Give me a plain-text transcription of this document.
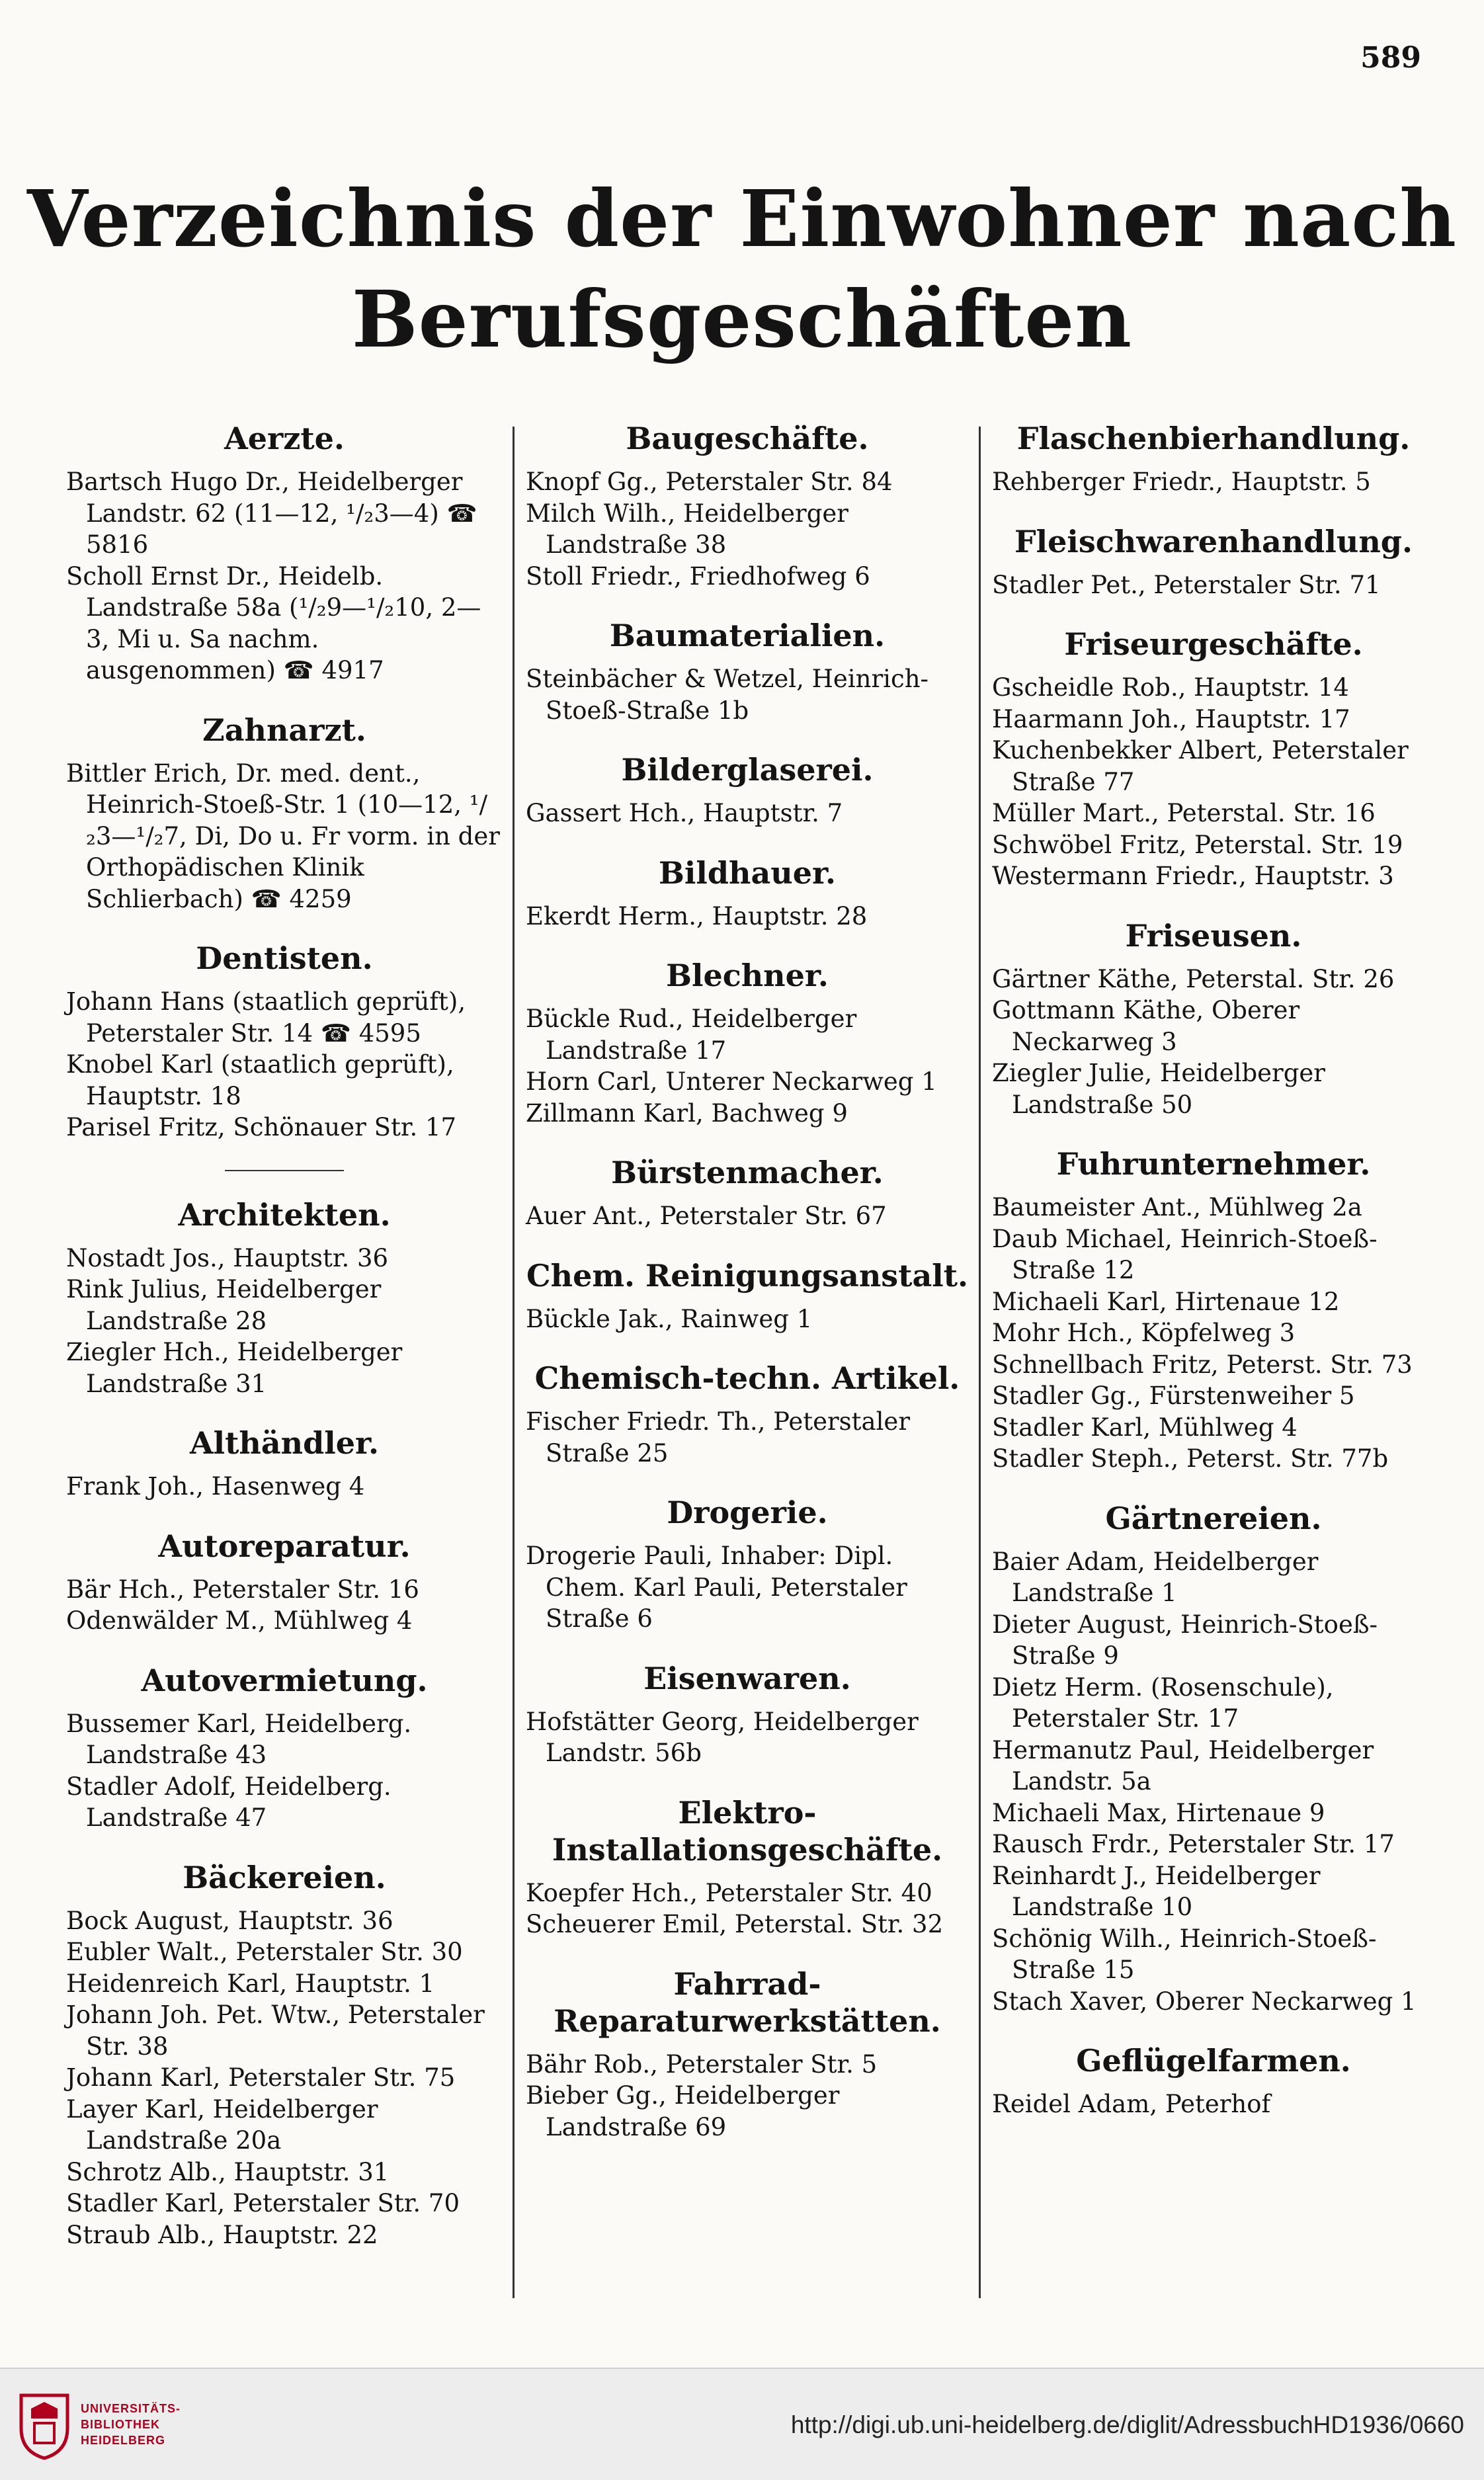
589
Verzeichnis der Einwohner nach
Berufsgeschäften
Aerzte.
Bartsch Hugo Dr., Heidelberger Landstr. 62 (11—12, ¹/₂3—4) ☎ 5816
Scholl Ernst Dr., Heidelb. Landstraße 58a (¹/₂9—¹/₂10, 2—3, Mi u. Sa nachm. ausgenommen) ☎ 4917
Zahnarzt.
Bittler Erich, Dr. med. dent., Heinrich-Stoeß-Str. 1 (10—12, ¹/₂3—¹/₂7, Di, Do u. Fr vorm. in der Orthopädischen Klinik Schlierbach) ☎ 4259
Dentisten.
Johann Hans (staatlich geprüft), Peterstaler Str. 14 ☎ 4595
Knobel Karl (staatlich geprüft), Hauptstr. 18
Parisel Fritz, Schönauer Str. 17
Architekten.
Nostadt Jos., Hauptstr. 36
Rink Julius, Heidelberger Landstraße 28
Ziegler Hch., Heidelberger Landstraße 31
Althändler.
Frank Joh., Hasenweg 4
Autoreparatur.
Bär Hch., Peterstaler Str. 16
Odenwälder M., Mühlweg 4
Autovermietung.
Bussemer Karl, Heidelberg. Landstraße 43
Stadler Adolf, Heidelberg. Landstraße 47
Bäckereien.
Bock August, Hauptstr. 36
Eubler Walt., Peterstaler Str. 30
Heidenreich Karl, Hauptstr. 1
Johann Joh. Pet. Wtw., Peterstaler Str. 38
Johann Karl, Peterstaler Str. 75
Layer Karl, Heidelberger Landstraße 20a
Schrotz Alb., Hauptstr. 31
Stadler Karl, Peterstaler Str. 70
Straub Alb., Hauptstr. 22
Baugeschäfte.
Knopf Gg., Peterstaler Str. 84
Milch Wilh., Heidelberger Landstraße 38
Stoll Friedr., Friedhofweg 6
Baumaterialien.
Steinbächer & Wetzel, Heinrich-Stoeß-Straße 1b
Bilderglaserei.
Gassert Hch., Hauptstr. 7
Bildhauer.
Ekerdt Herm., Hauptstr. 28
Blechner.
Bückle Rud., Heidelberger Landstraße 17
Horn Carl, Unterer Neckarweg 1
Zillmann Karl, Bachweg 9
Bürstenmacher.
Auer Ant., Peterstaler Str. 67
Chem. Reinigungsanstalt.
Bückle Jak., Rainweg 1
Chemisch-techn. Artikel.
Fischer Friedr. Th., Peterstaler Straße 25
Drogerie.
Drogerie Pauli, Inhaber: Dipl. Chem. Karl Pauli, Peterstaler Straße 6
Eisenwaren.
Hofstätter Georg, Heidelberger Landstr. 56b
Elektro-Installationsgeschäfte.
Koepfer Hch., Peterstaler Str. 40
Scheuerer Emil, Peterstal. Str. 32
Fahrrad-Reparaturwerkstätten.
Bähr Rob., Peterstaler Str. 5
Bieber Gg., Heidelberger Landstraße 69
Flaschenbierhandlung.
Rehberger Friedr., Hauptstr. 5
Fleischwarenhandlung.
Stadler Pet., Peterstaler Str. 71
Friseurgeschäfte.
Gscheidle Rob., Hauptstr. 14
Haarmann Joh., Hauptstr. 17
Kuchenbekker Albert, Peterstaler Straße 77
Müller Mart., Peterstal. Str. 16
Schwöbel Fritz, Peterstal. Str. 19
Westermann Friedr., Hauptstr. 3
Friseusen.
Gärtner Käthe, Peterstal. Str. 26
Gottmann Käthe, Oberer Neckarweg 3
Ziegler Julie, Heidelberger Landstraße 50
Fuhrunternehmer.
Baumeister Ant., Mühlweg 2a
Daub Michael, Heinrich-Stoeß-Straße 12
Michaeli Karl, Hirtenaue 12
Mohr Hch., Köpfelweg 3
Schnellbach Fritz, Peterst. Str. 73
Stadler Gg., Fürstenweiher 5
Stadler Karl, Mühlweg 4
Stadler Steph., Peterst. Str. 77b
Gärtnereien.
Baier Adam, Heidelberger Landstraße 1
Dieter August, Heinrich-Stoeß-Straße 9
Dietz Herm. (Rosenschule), Peterstaler Str. 17
Hermanutz Paul, Heidelberger Landstr. 5a
Michaeli Max, Hirtenaue 9
Rausch Frdr., Peterstaler Str. 17
Reinhardt J., Heidelberger Landstraße 10
Schönig Wilh., Heinrich-Stoeß-Straße 15
Stach Xaver, Oberer Neckarweg 1
Geflügelfarmen.
Reidel Adam, Peterhof
UNIVERSITÄTS-
BIBLIOTHEK
HEIDELBERG
http://digi.ub.uni-heidelberg.de/diglit/AdressbuchHD1936/0660
